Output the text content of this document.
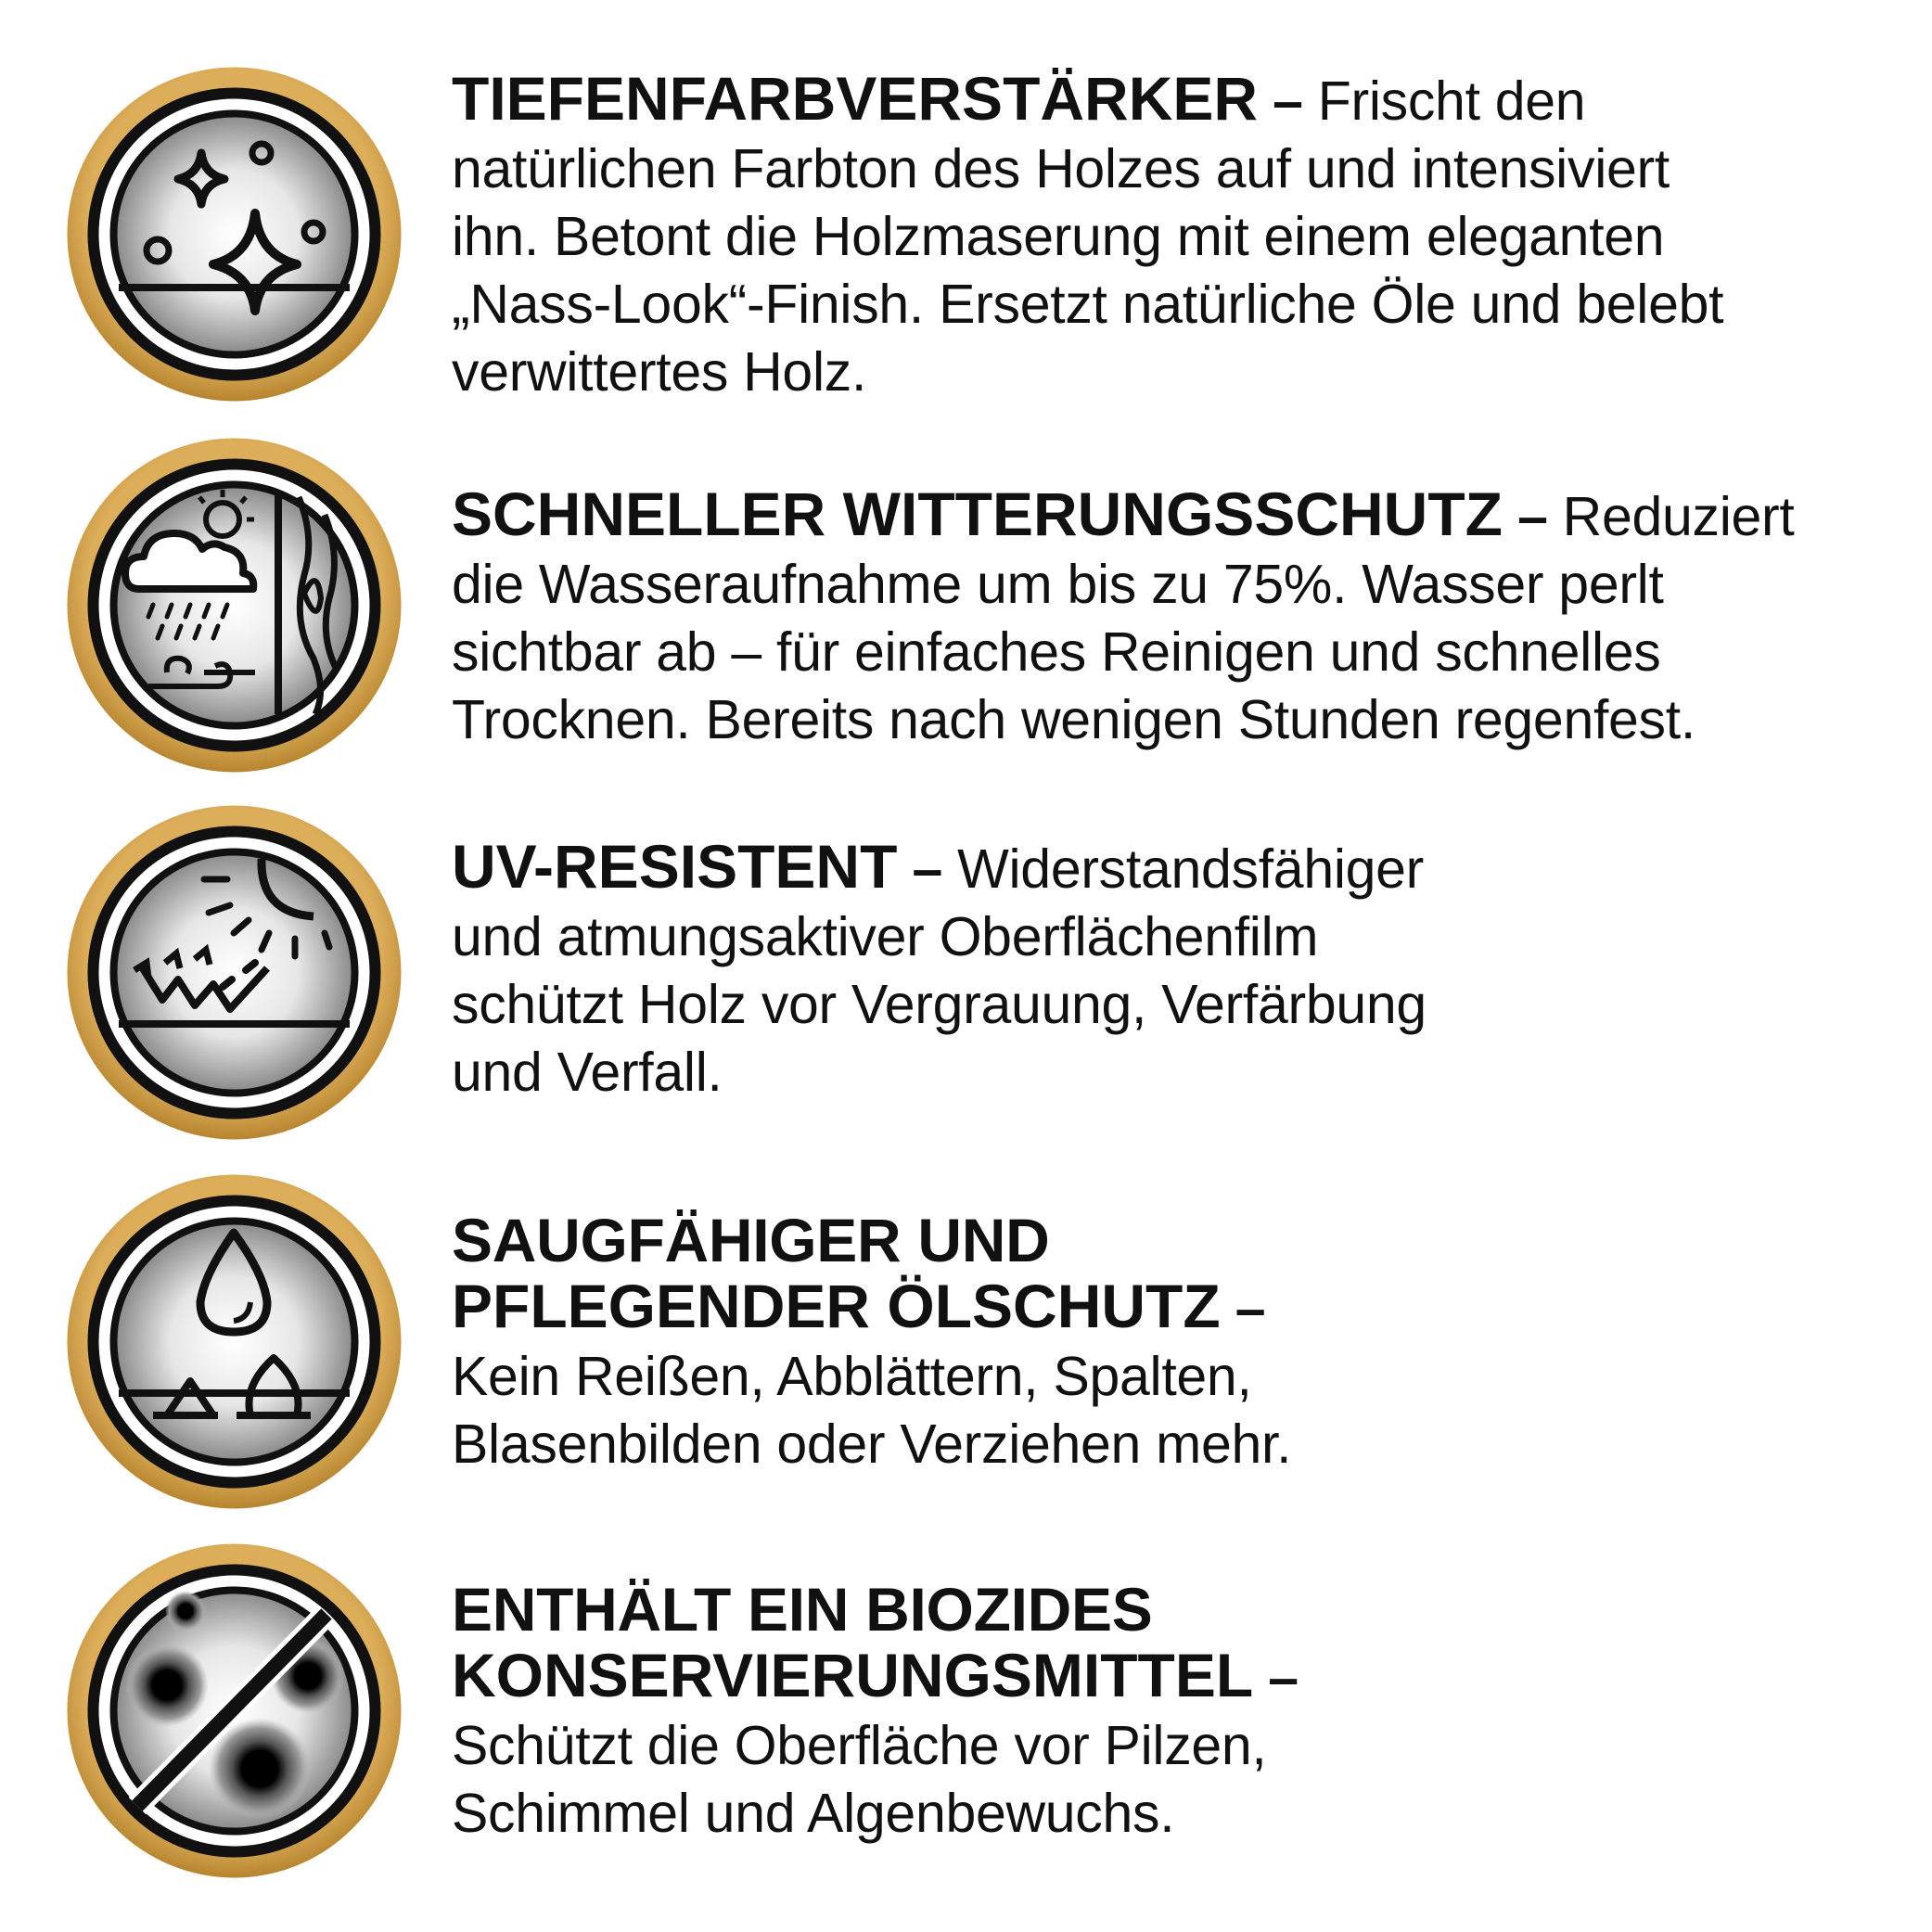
TIEFENFARBVERSTÄRKER – Frischt den
natürlichen Farbton des Holzes auf und intensiviert
ihn. Betont die Holzmaserung mit einem eleganten
„Nass-Look“-Finish. Ersetzt natürliche Öle und belebt
verwittertes Holz.
SCHNELLER WITTERUNGSSCHUTZ – Reduziert
die Wasseraufnahme um bis zu 75%. Wasser perlt
sichtbar ab – für einfaches Reinigen und schnelles
Trocknen. Bereits nach wenigen Stunden regenfest.
UV-RESISTENT – Widerstandsfähiger
und atmungsaktiver Oberflächenfilm
schützt Holz vor Vergrauung, Verfärbung
und Verfall.
SAUGFÄHIGER UND
PFLEGENDER ÖLSCHUTZ –
Kein Reißen, Abblättern, Spalten,
Blasenbilden oder Verziehen mehr.
ENTHÄLT EIN BIOZIDES
KONSERVIERUNGSMITTEL –
Schützt die Oberfläche vor Pilzen,
Schimmel und Algenbewuchs.
